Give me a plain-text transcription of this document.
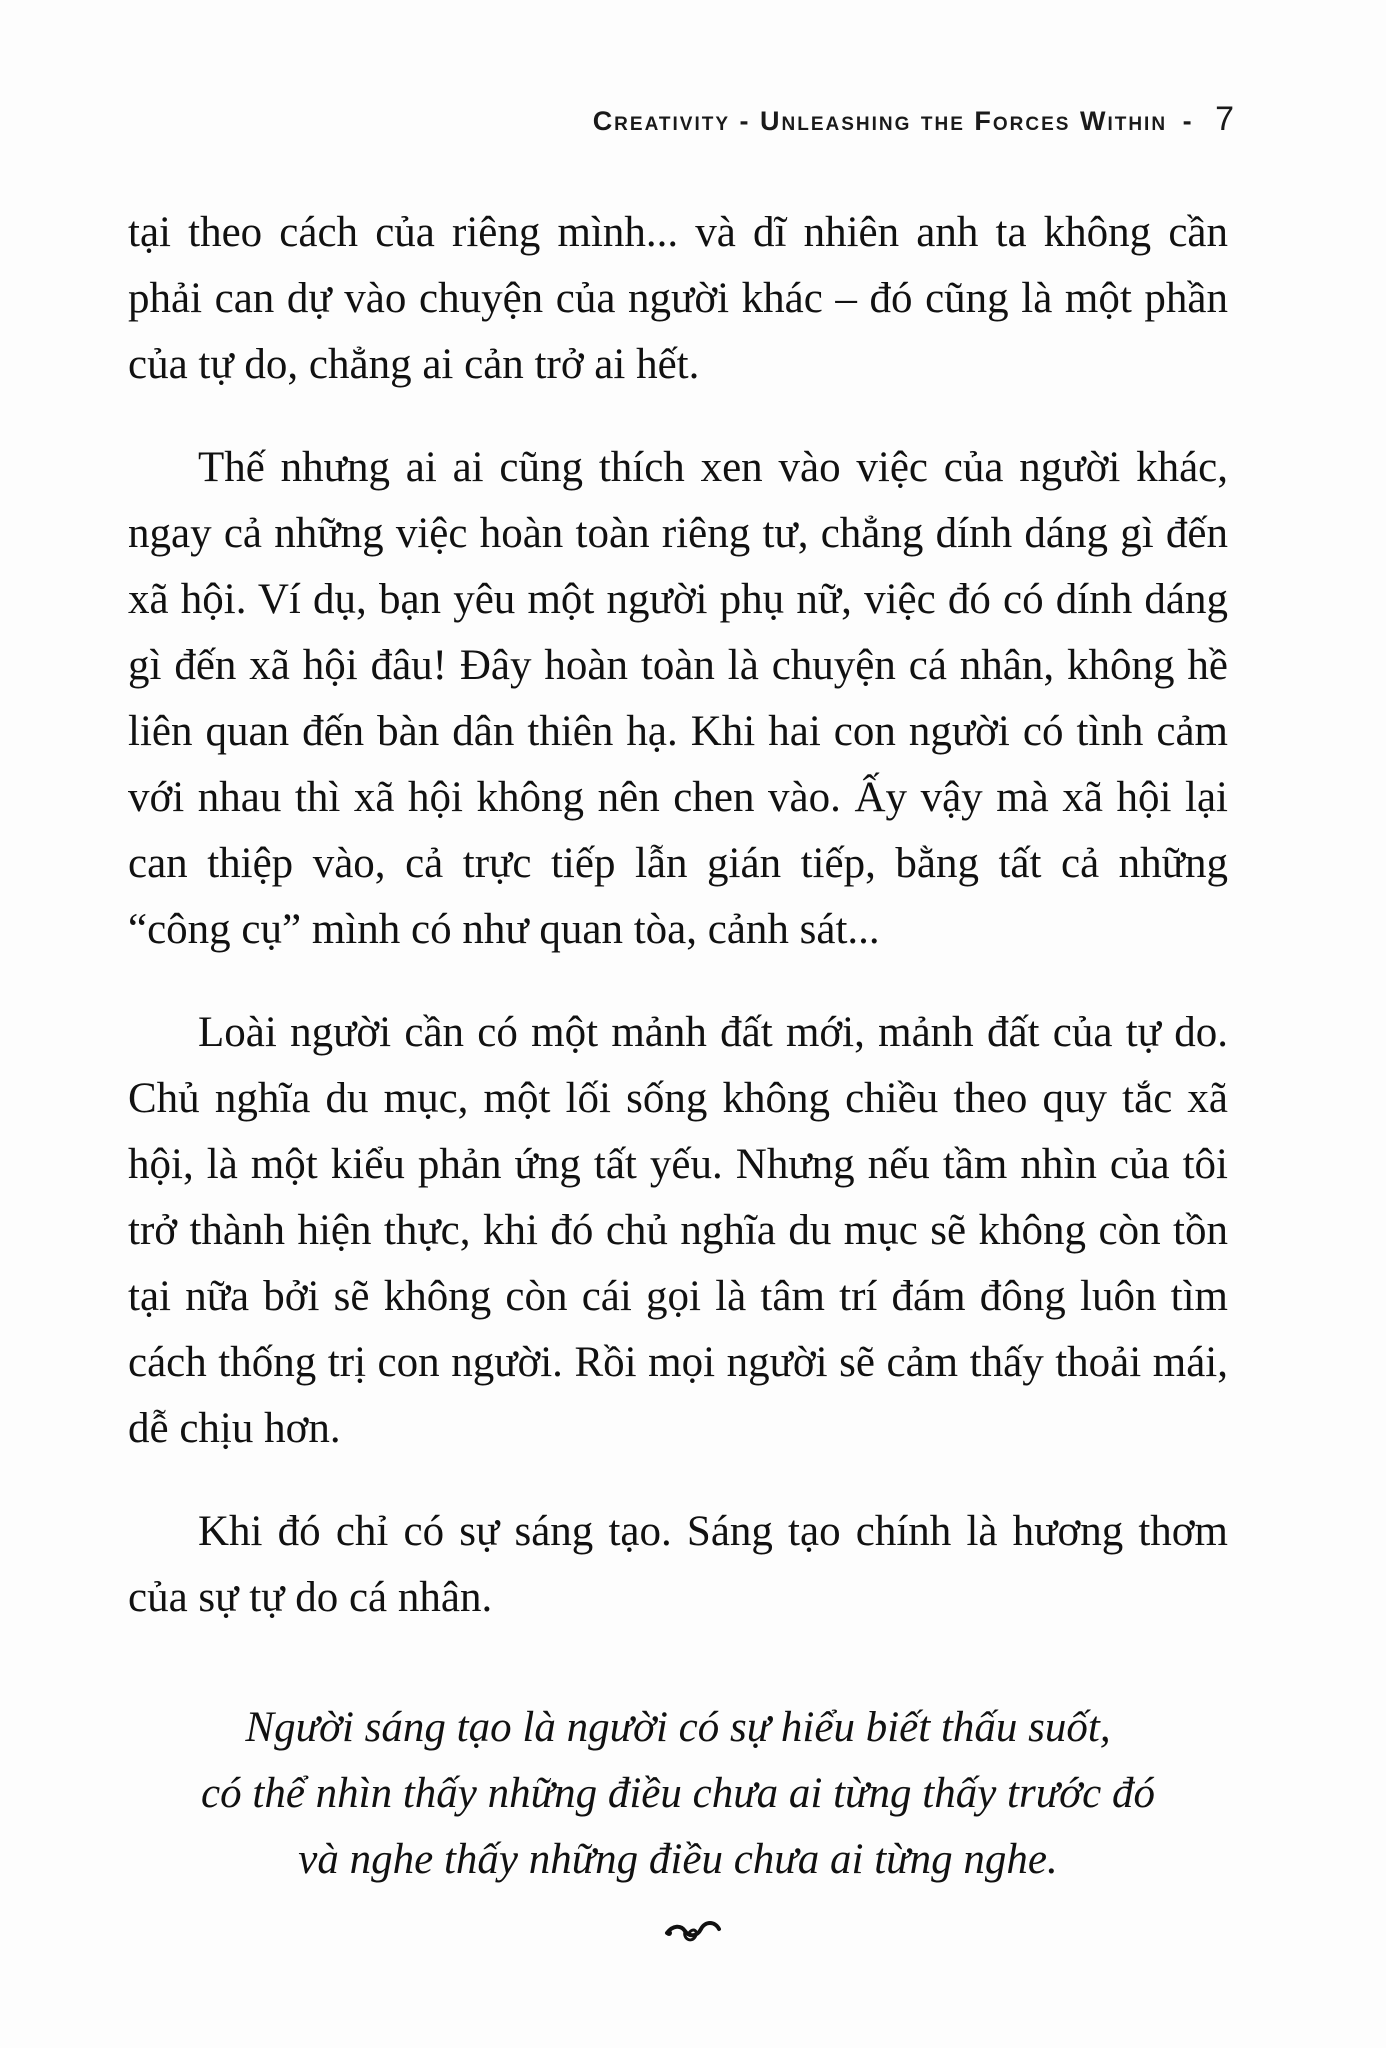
Creativity - Unleashing the Forces Within - 7

tại theo cách của riêng mình... và dĩ nhiên anh ta không cần phải can dự vào chuyện của người khác – đó cũng là một phần của tự do, chẳng ai cản trở ai hết.

Thế nhưng ai ai cũng thích xen vào việc của người khác, ngay cả những việc hoàn toàn riêng tư, chẳng dính dáng gì đến xã hội. Ví dụ, bạn yêu một người phụ nữ, việc đó có dính dáng gì đến xã hội đâu! Đây hoàn toàn là chuyện cá nhân, không hề liên quan đến bàn dân thiên hạ. Khi hai con người có tình cảm với nhau thì xã hội không nên chen vào. Ấy vậy mà xã hội lại can thiệp vào, cả trực tiếp lẫn gián tiếp, bằng tất cả những “công cụ” mình có như quan tòa, cảnh sát...

Loài người cần có một mảnh đất mới, mảnh đất của tự do. Chủ nghĩa du mục, một lối sống không chiều theo quy tắc xã hội, là một kiểu phản ứng tất yếu. Nhưng nếu tầm nhìn của tôi trở thành hiện thực, khi đó chủ nghĩa du mục sẽ không còn tồn tại nữa bởi sẽ không còn cái gọi là tâm trí đám đông luôn tìm cách thống trị con người. Rồi mọi người sẽ cảm thấy thoải mái, dễ chịu hơn.

Khi đó chỉ có sự sáng tạo. Sáng tạo chính là hương thơm của sự tự do cá nhân.

Người sáng tạo là người có sự hiểu biết thấu suốt,
có thể nhìn thấy những điều chưa ai từng thấy trước đó
và nghe thấy những điều chưa ai từng nghe.
